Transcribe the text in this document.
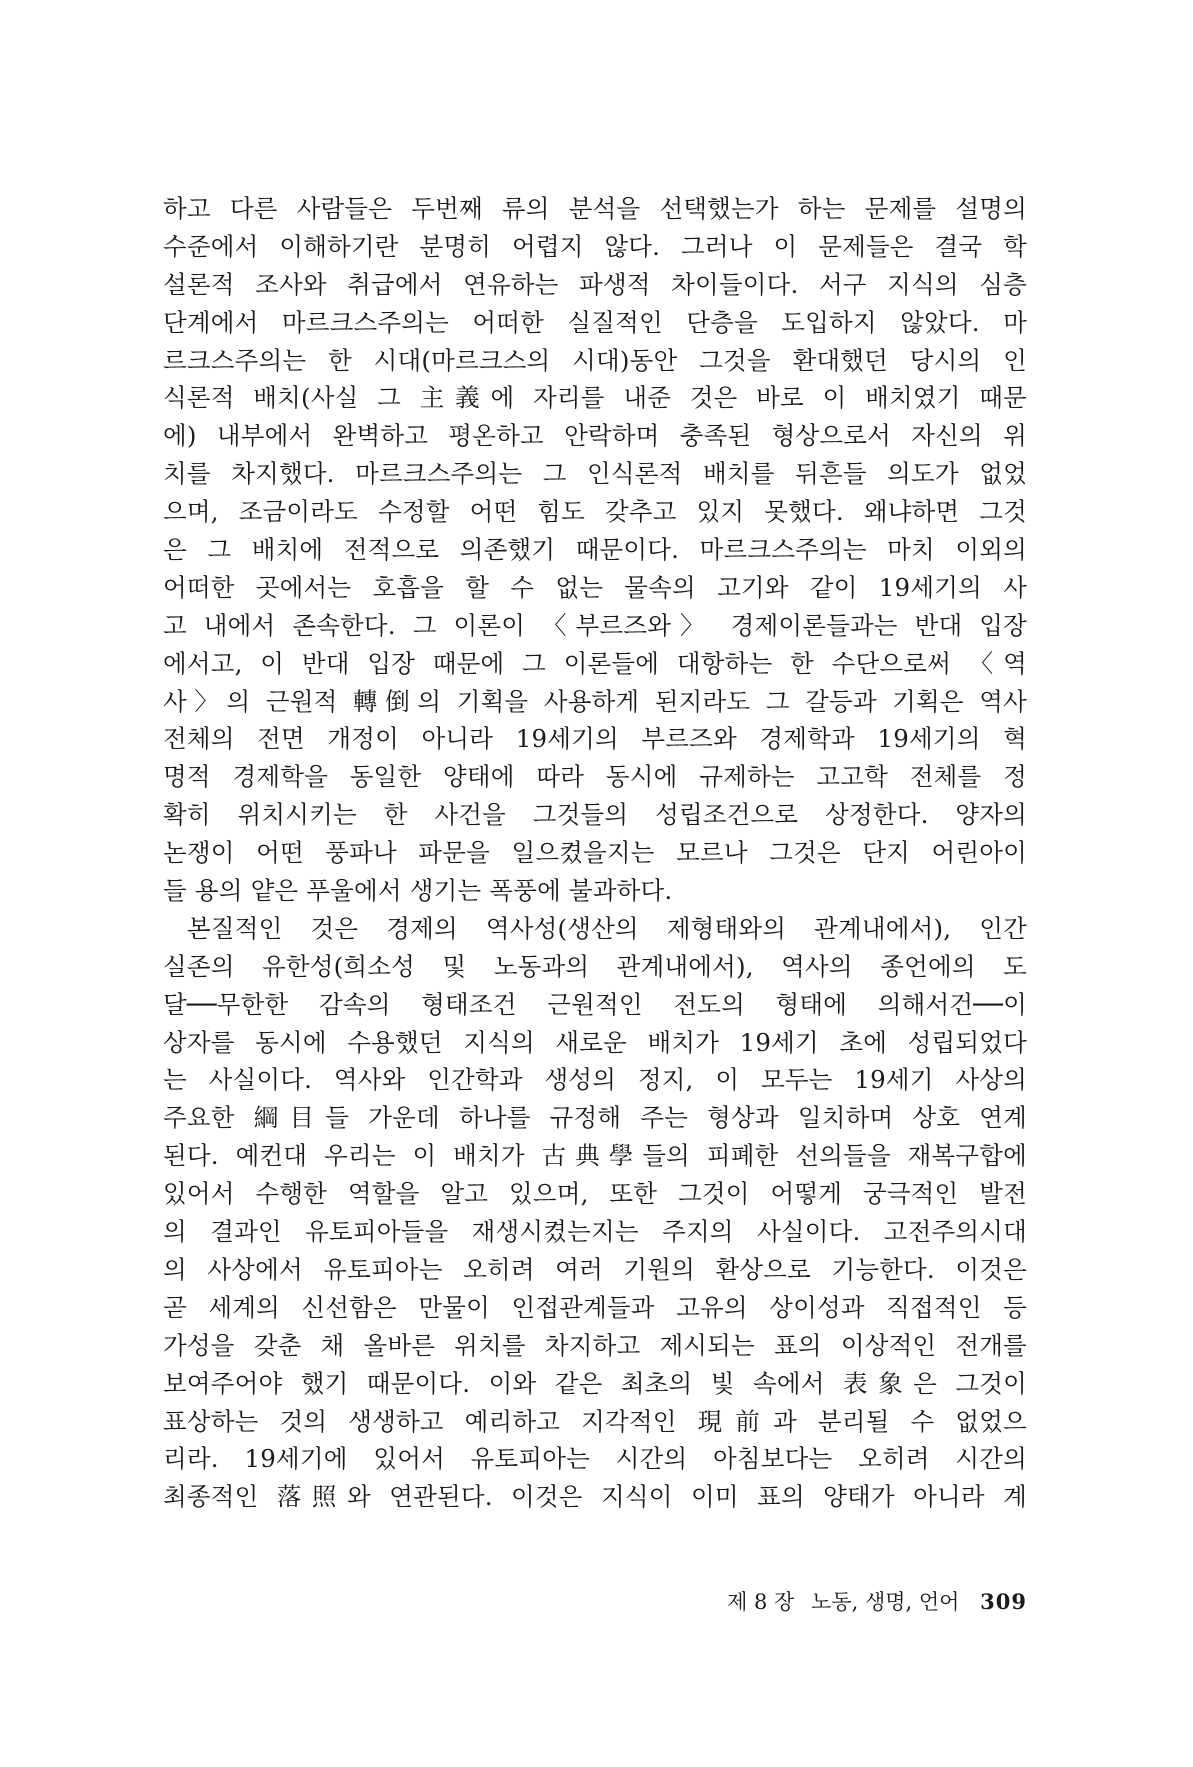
하고 다른 사람들은 두번째 류의 분석을 선택했는가 하는 문제를 설명의
수준에서 이해하기란 분명히 어렵지 않다. 그러나 이 문제들은 결국 학
설론적 조사와 취급에서 연유하는 파생적 차이들이다. 서구 지식의 심층
단계에서 마르크스주의는 어떠한 실질적인 단층을 도입하지 않았다. 마
르크스주의는 한 시대(마르크스의 시대)동안 그것을 환대했던 당시의 인
식론적 배치(사실 그 主義에 자리를 내준 것은 바로 이 배치였기 때문
에) 내부에서 완벽하고 평온하고 안락하며 충족된 형상으로서 자신의 위
치를 차지했다. 마르크스주의는 그 인식론적 배치를 뒤흔들 의도가 없었
으며, 조금이라도 수정할 어떤 힘도 갖추고 있지 못했다. 왜냐하면 그것
은 그 배치에 전적으로 의존했기 때문이다. 마르크스주의는 마치 이외의
어떠한 곳에서는 호흡을 할 수 없는 물속의 고기와 같이 19세기의 사
고 내에서 존속한다. 그 이론이 〈부르즈와〉 경제이론들과는 반대 입장
에서고, 이 반대 입장 때문에 그 이론들에 대항하는 한 수단으로써 〈역
사〉의 근원적 轉倒의 기획을 사용하게 된지라도 그 갈등과 기획은 역사
전체의 전면 개정이 아니라 19세기의 부르즈와 경제학과 19세기의 혁
명적 경제학을 동일한 양태에 따라 동시에 규제하는 고고학 전체를 정
확히 위치시키는 한 사건을 그것들의 성립조건으로 상정한다. 양자의
논쟁이 어떤 풍파나 파문을 일으켰을지는 모르나 그것은 단지 어린아이
들 용의 얕은 푸울에서 생기는 폭풍에 불과하다.
본질적인 것은 경제의 역사성(생산의 제형태와의 관계내에서), 인간
실존의 유한성(희소성 및 노동과의 관계내에서), 역사의 종언에의 도
달──무한한 감속의 형태조건 근원적인 전도의 형태에 의해서건──이
상자를 동시에 수용했던 지식의 새로운 배치가 19세기 초에 성립되었다
는 사실이다. 역사와 인간학과 생성의 정지, 이 모두는 19세기 사상의
주요한 綱目들 가운데 하나를 규정해 주는 형상과 일치하며 상호 연계
된다. 예컨대 우리는 이 배치가 古典學들의 피폐한 선의들을 재복구합에
있어서 수행한 역할을 알고 있으며, 또한 그것이 어떻게 궁극적인 발전
의 결과인 유토피아들을 재생시켰는지는 주지의 사실이다. 고전주의시대
의 사상에서 유토피아는 오히려 여러 기원의 환상으로 기능한다. 이것은
곧 세계의 신선함은 만물이 인접관계들과 고유의 상이성과 직접적인 등
가성을 갖춘 채 올바른 위치를 차지하고 제시되는 표의 이상적인 전개를
보여주어야 했기 때문이다. 이와 같은 최초의 빛 속에서 表象은 그것이
표상하는 것의 생생하고 예리하고 지각적인 現前과 분리될 수 없었으
리라. 19세기에 있어서 유토피아는 시간의 아침보다는 오히려 시간의
최종적인 落照와 연관된다. 이것은 지식이 이미 표의 양태가 아니라 계
제 8 장 노동, 생명, 언어 309
